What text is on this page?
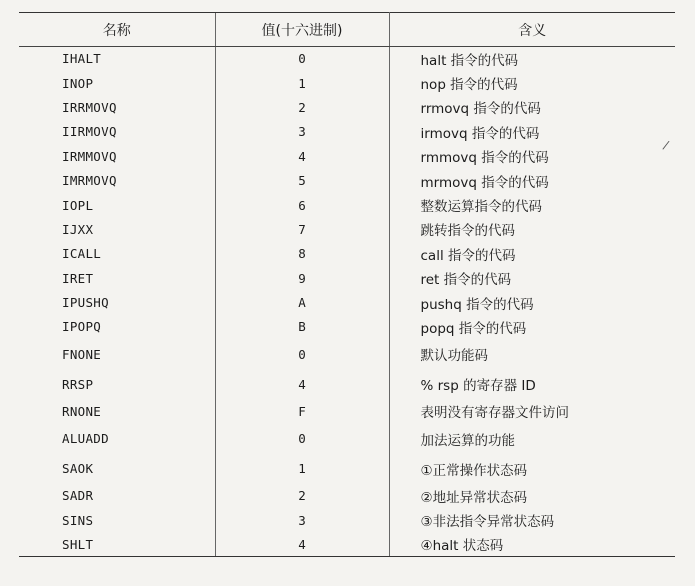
名称	值(十六进制)	含义
IHALT	0	halt 指令的代码
INOP	1	nop 指令的代码
IRRMOVQ	2	rrmovq 指令的代码
IIRMOVQ	3	irmovq 指令的代码
IRMMOVQ	4	rmmovq 指令的代码
IMRMOVQ	5	mrmovq 指令的代码
IOPL	6	整数运算指令的代码
IJXX	7	跳转指令的代码
ICALL	8	call 指令的代码
IRET	9	ret 指令的代码
IPUSHQ	A	pushq 指令的代码
IPOPQ	B	popq 指令的代码
FNONE	0	默认功能码
RRSP	4	% rsp 的寄存器 ID
RNONE	F	表明没有寄存器文件访问
ALUADD	0	加法运算的功能
SAOK	1	①正常操作状态码
SADR	2	②地址异常状态码
SINS	3	③非法指令异常状态码
SHLT	4	④halt 状态码
/
